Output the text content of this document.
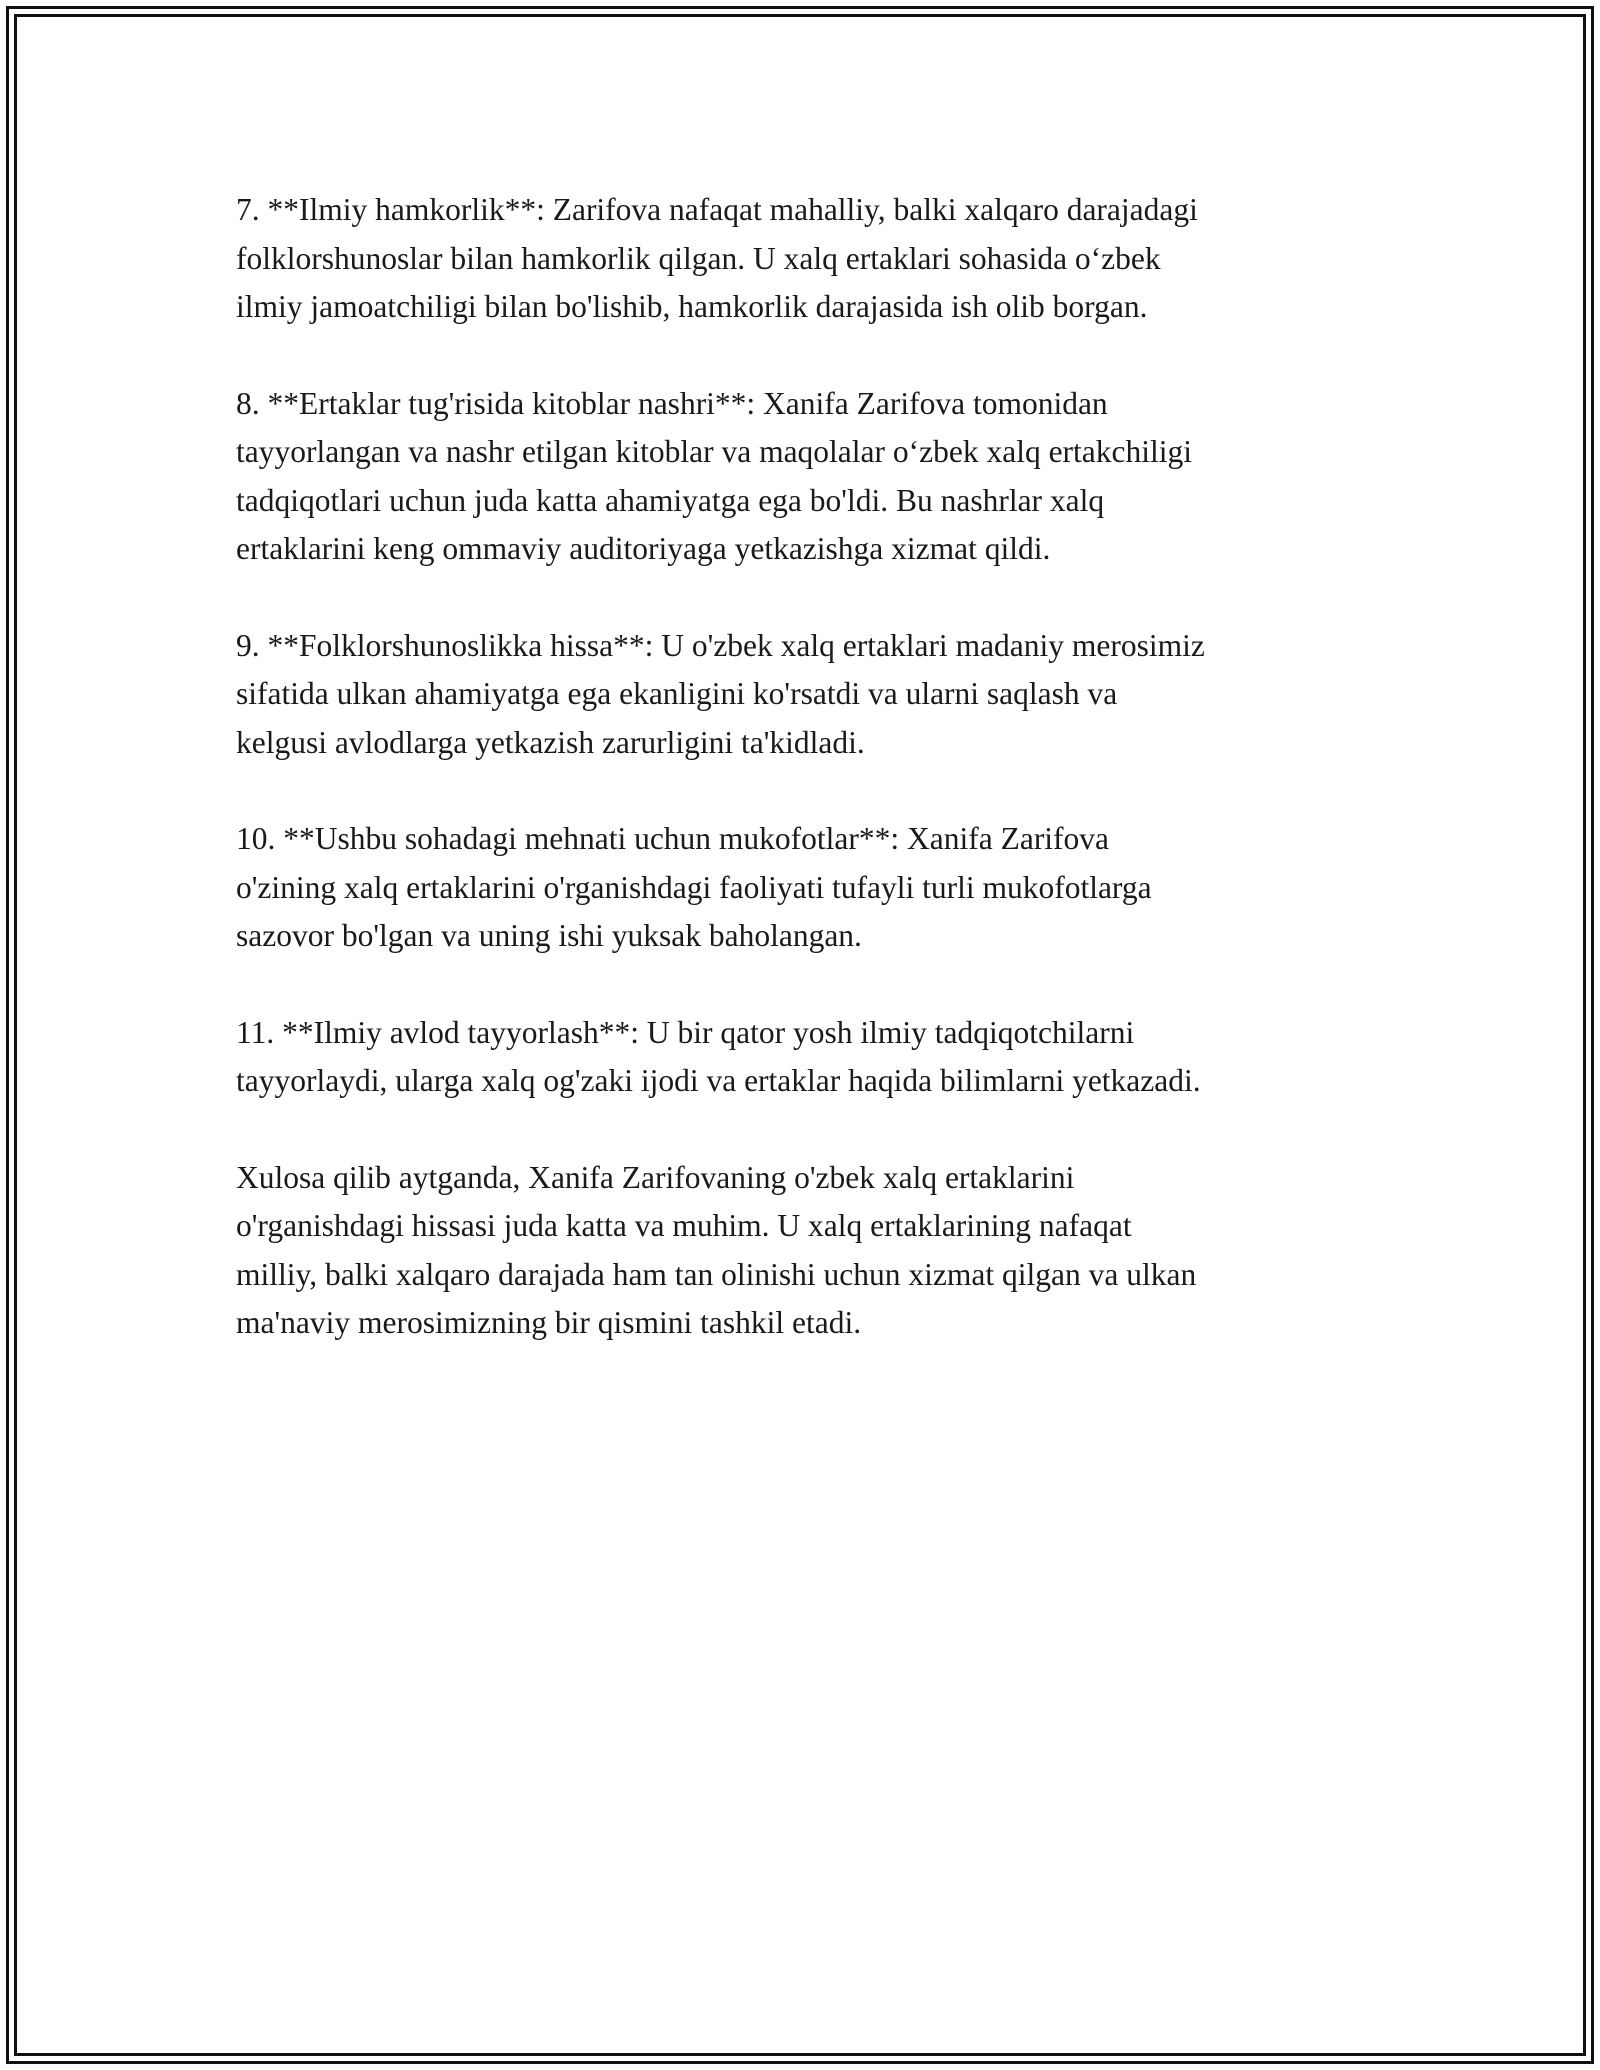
7. **Ilmiy hamkorlik**: Zarifova nafaqat mahalliy, balki xalqaro darajadagi
folklorshunoslar bilan hamkorlik qilgan. U xalq ertaklari sohasida o‘zbek
ilmiy jamoatchiligi bilan bo'lishib, hamkorlik darajasida ish olib borgan.

8. **Ertaklar tug'risida kitoblar nashri**: Xanifa Zarifova tomonidan
tayyorlangan va nashr etilgan kitoblar va maqolalar o‘zbek xalq ertakchiligi
tadqiqotlari uchun juda katta ahamiyatga ega bo'ldi. Bu nashrlar xalq
ertaklarini keng ommaviy auditoriyaga yetkazishga xizmat qildi.

9. **Folklorshunoslikka hissa**: U o'zbek xalq ertaklari madaniy merosimiz
sifatida ulkan ahamiyatga ega ekanligini ko'rsatdi va ularni saqlash va
kelgusi avlodlarga yetkazish zarurligini ta'kidladi.

10. **Ushbu sohadagi mehnati uchun mukofotlar**: Xanifa Zarifova
o'zining xalq ertaklarini o'rganishdagi faoliyati tufayli turli mukofotlarga
sazovor bo'lgan va uning ishi yuksak baholangan.

11. **Ilmiy avlod tayyorlash**: U bir qator yosh ilmiy tadqiqotchilarni
tayyorlaydi, ularga xalq og'zaki ijodi va ertaklar haqida bilimlarni yetkazadi.

Xulosa qilib aytganda, Xanifa Zarifovaning o'zbek xalq ertaklarini
o'rganishdagi hissasi juda katta va muhim. U xalq ertaklarining nafaqat
milliy, balki xalqaro darajada ham tan olinishi uchun xizmat qilgan va ulkan
ma'naviy merosimizning bir qismini tashkil etadi.
